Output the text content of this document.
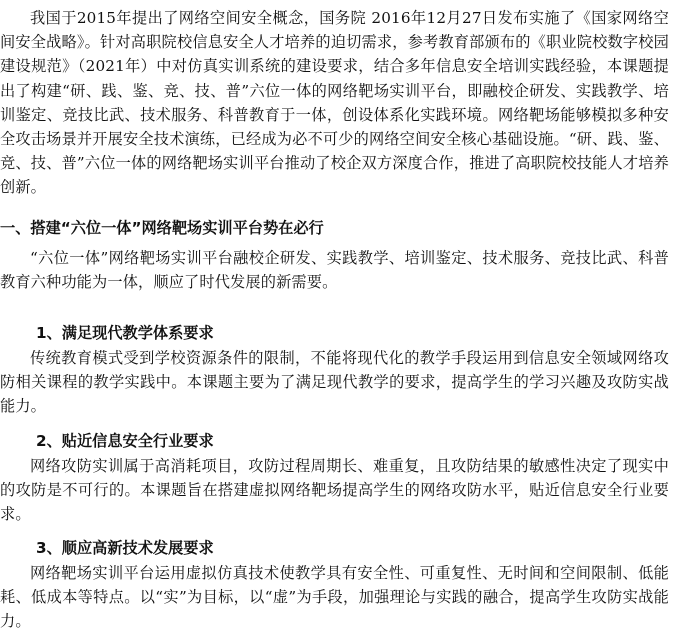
我国于2015年提出了网络空间安全概念，国务院 2016年12月27日发布实施了《国家网络空间安全战略》。针对高职院校信息安全人才培养的迫切需求，参考教育部颁布的《职业院校数字校园建设规范》（2021年）中对仿真实训系统的建设要求，结合多年信息安全培训实践经验，本课题提出了构建“研、践、鉴、竞、技、普”六位一体的网络靶场实训平台，即融校企研发、实践教学、培训鉴定、竞技比武、技术服务、科普教育于一体，创设体系化实践环境。网络靶场能够模拟多种安全攻击场景并开展安全技术演练，已经成为必不可少的网络空间安全核心基础设施。“研、践、鉴、竞、技、普”六位一体的网络靶场实训平台推动了校企双方深度合作，推进了高职院校技能人才培养创新。

一、搭建“六位一体”网络靶场实训平台势在必行

“六位一体”网络靶场实训平台融校企研发、实践教学、培训鉴定、技术服务、竞技比武、科普教育六种功能为一体，顺应了时代发展的新需要。

1、满足现代教学体系要求

传统教育模式受到学校资源条件的限制，不能将现代化的教学手段运用到信息安全领域网络攻防相关课程的教学实践中。本课题主要为了满足现代教学的要求，提高学生的学习兴趣及攻防实战能力。

2、贴近信息安全行业要求

网络攻防实训属于高消耗项目，攻防过程周期长、难重复，且攻防结果的敏感性决定了现实中的攻防是不可行的。本课题旨在搭建虚拟网络靶场提高学生的网络攻防水平，贴近信息安全行业要求。

3、顺应高新技术发展要求

网络靶场实训平台运用虚拟仿真技术使教学具有安全性、可重复性、无时间和空间限制、低能耗、低成本等特点。以“实”为目标，以“虚”为手段，加强理论与实践的融合，提高学生攻防实战能力。
